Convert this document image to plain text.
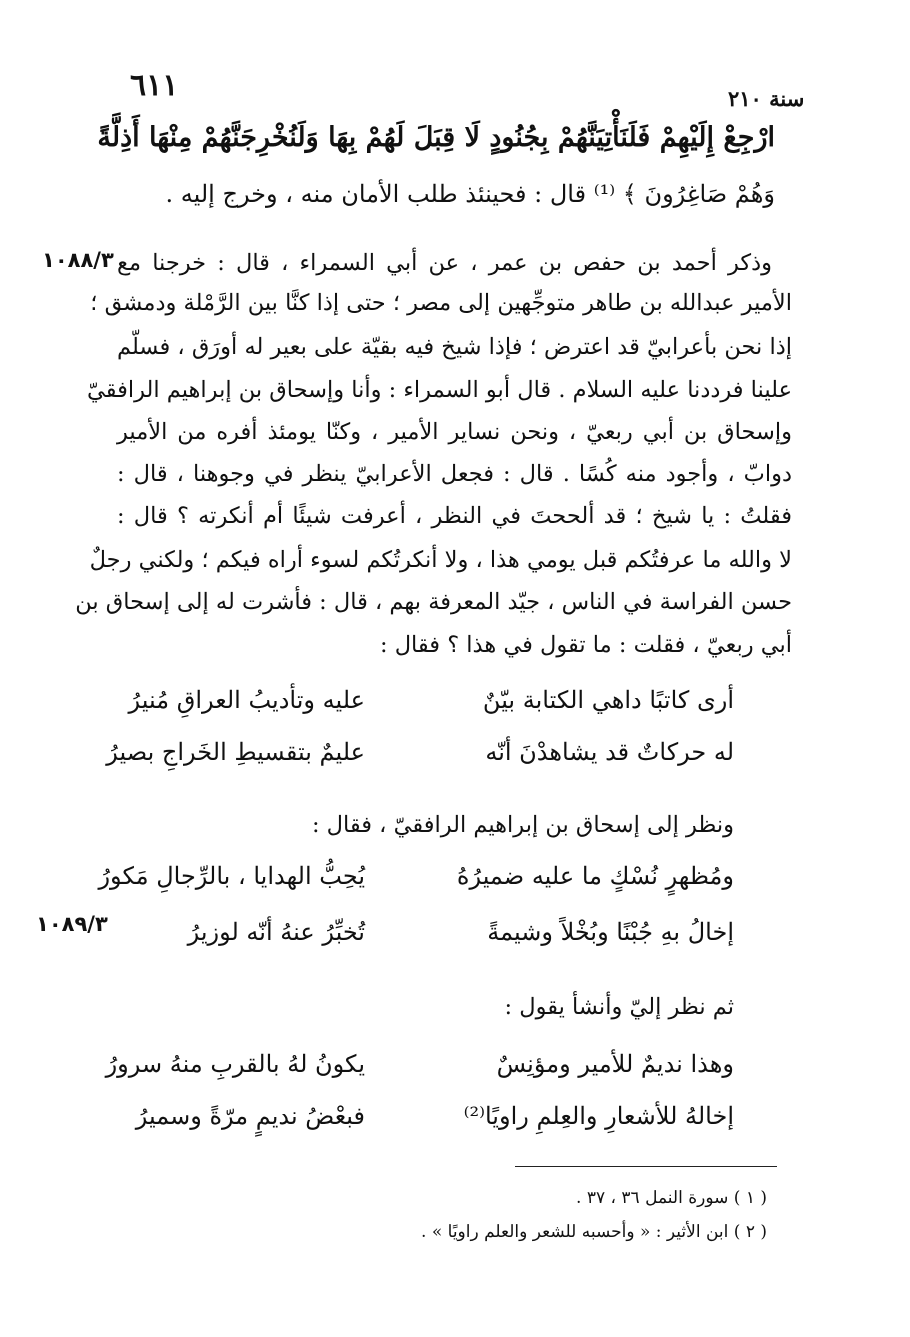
٦١١	سنة ٢١٠
ارْجِعْ إِلَيْهِمْ فَلَنَأْتِيَنَّهُمْ بِجُنُودٍ لَا قِبَلَ لَهُمْ بِهَا وَلَنُخْرِجَنَّهُمْ مِنْهَا أَذِلَّةً
وَهُمْ صَاغِرُونَ ﴾ ⁽¹⁾ قال : فحينئذ طلب الأمان منه ، وخرج إليه .
١٠٨٨/٣
١٠٨٩/٣
وذكر أحمد بن حفص بن عمر ، عن أبي السمراء ، قال : خرجنا مع
الأمير عبدالله بن طاهر متوجِّهين إلى مصر ؛ حتى إذا كنَّا بين الرَّمْلة ودمشق ؛
إذا نحن بأعرابيّ قد اعترض ؛ فإذا شيخ فيه بقيّة على بعير له أورَق ، فسلّم
علينا فرددنا عليه السلام . قال أبو السمراء : وأنا وإسحاق بن إبراهيم الرافقيّ
وإسحاق بن أبي ربعيّ ، ونحن نساير الأمير ، وكنّا يومئذ أفره من الأمير
دوابّ ، وأجود منه كُسًا . قال : فجعل الأعرابيّ ينظر في وجوهنا ، قال :
فقلتُ : يا شيخ ؛ قد ألححتَ في النظر ، أعرفت شيئًا أم أنكرته ؟ قال :
لا والله ما عرفتُكم قبل يومي هذا ، ولا أنكرتُكم لسوء أراه فيكم ؛ ولكني رجلٌ
حسن الفراسة في الناس ، جيّد المعرفة بهم ، قال : فأشرت له إلى إسحاق بن
أبي ربعيّ ، فقلت : ما تقول في هذا ؟ فقال :
أرى كاتبًا داهي الكتابة بيّنٌ
عليه وتأديبُ العراقِ مُنيرُ
له حركاتٌ قد يشاهدْنَ أنّه
عليمٌ بتقسيطِ الخَراجِ بصيرُ
ونظر إلى إسحاق بن إبراهيم الرافقيّ ، فقال :
ومُظهرٍ نُسْكٍ ما عليه ضميرُهُ
يُحِبُّ الهدايا ، بالرِّجالِ مَكورُ
إخالُ بهِ جُبْنًا وبُخْلاً وشيمةً
تُخبِّرُ عنهُ أنّه لوزيرُ
ثم نظر إليّ وأنشأ يقول :
وهذا نديمٌ للأمير ومؤنِسٌ
يكونُ لهُ بالقربِ منهُ سرورُ
إخالهُ للأشعارِ والعِلمِ راويًا⁽²⁾
فبعْضُ نديمٍ مرّةً وسميرُ
( ١ ) سورة النمل ٣٦ ، ٣٧ .
( ٢ ) ابن الأثير : « وأحسبه للشعر والعلم راويًا » .
